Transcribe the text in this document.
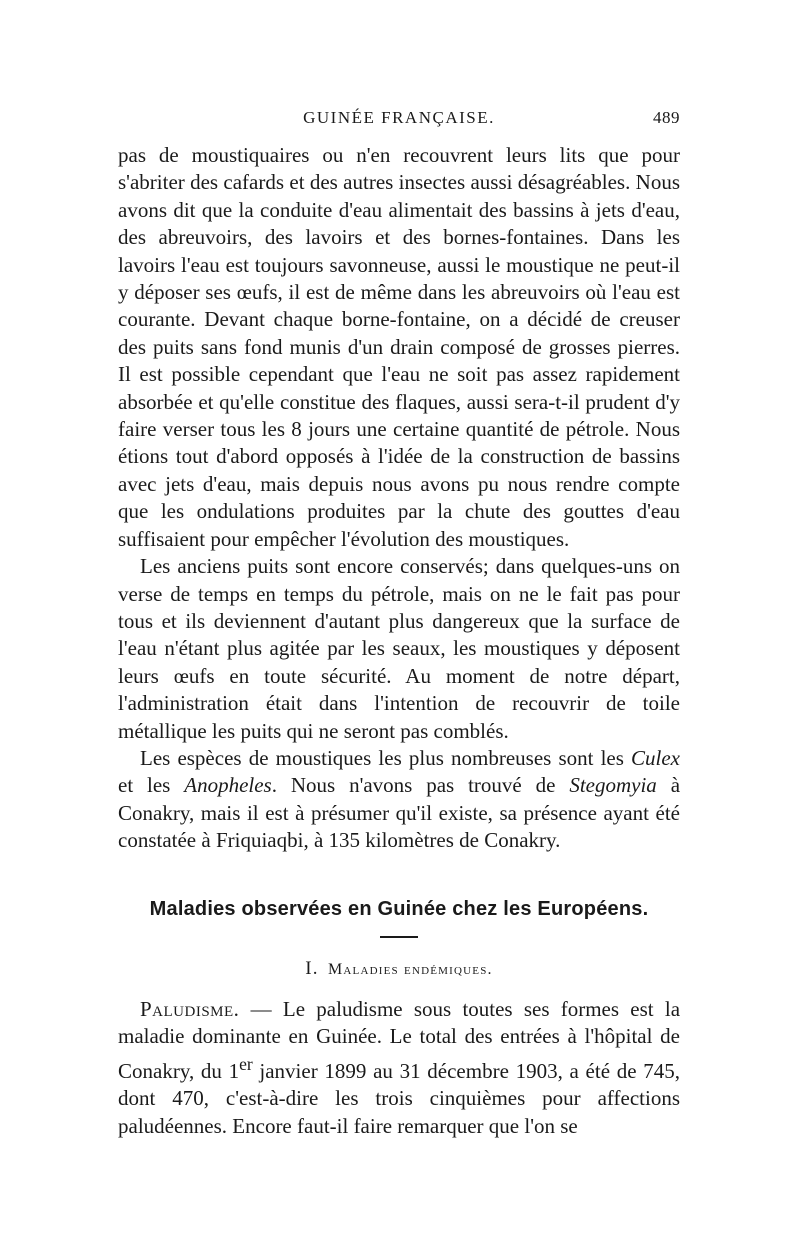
GUINÉE FRANÇAISE.	489

pas de moustiquaires ou n'en recouvrent leurs lits que pour s'abriter des cafards et des autres insectes aussi désagréables. Nous avons dit que la conduite d'eau alimentait des bassins à jets d'eau, des abreuvoirs, des lavoirs et des bornes-fontaines. Dans les lavoirs l'eau est toujours savonneuse, aussi le moustique ne peut-il y déposer ses œufs, il est de même dans les abreuvoirs où l'eau est courante. Devant chaque borne-fontaine, on a décidé de creuser des puits sans fond munis d'un drain composé de grosses pierres. Il est possible cependant que l'eau ne soit pas assez rapidement absorbée et qu'elle constitue des flaques, aussi sera-t-il prudent d'y faire verser tous les 8 jours une certaine quantité de pétrole. Nous étions tout d'abord opposés à l'idée de la construction de bassins avec jets d'eau, mais depuis nous avons pu nous rendre compte que les ondulations produites par la chute des gouttes d'eau suffisaient pour empêcher l'évolution des moustiques.

Les anciens puits sont encore conservés; dans quelques-uns on verse de temps en temps du pétrole, mais on ne le fait pas pour tous et ils deviennent d'autant plus dangereux que la surface de l'eau n'étant plus agitée par les seaux, les moustiques y déposent leurs œufs en toute sécurité. Au moment de notre départ, l'administration était dans l'intention de recouvrir de toile métallique les puits qui ne seront pas comblés.

Les espèces de moustiques les plus nombreuses sont les Culex et les Anopheles. Nous n'avons pas trouvé de Stegomyia à Conakry, mais il est à présumer qu'il existe, sa présence ayant été constatée à Friquiaqbi, à 135 kilomètres de Conakry.

Maladies observées en Guinée chez les Européens.
I. Maladies endémiques.

Paludisme. — Le paludisme sous toutes ses formes est la maladie dominante en Guinée. Le total des entrées à l'hôpital de Conakry, du 1er janvier 1899 au 31 décembre 1903, a été de 745, dont 470, c'est-à-dire les trois cinquièmes pour affections paludéennes. Encore faut-il faire remarquer que l'on se
